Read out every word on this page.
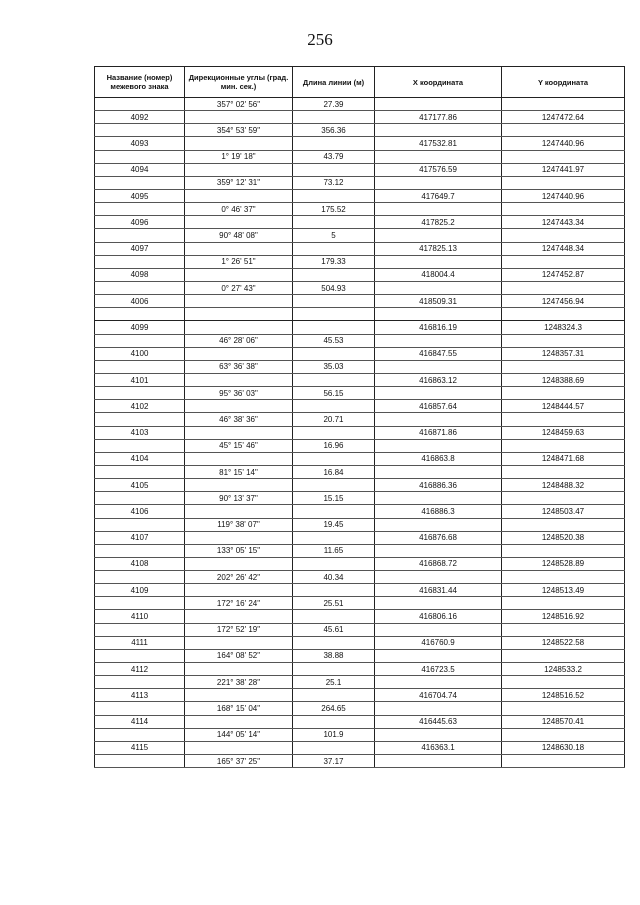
256
Название (номер) межевого знака	Дирекционные углы (град. мин. сек.)	Длина линии (м)	X координата	Y координата
	357° 02' 56"	27.39		
4092			417177.86	1247472.64
	354° 53' 59"	356.36		
4093			417532.81	1247440.96
	1° 19' 18"	43.79		
4094			417576.59	1247441.97
	359° 12' 31"	73.12		
4095			417649.7	1247440.96
	0° 46' 37"	175.52		
4096			417825.2	1247443.34
	90° 48' 08"	5		
4097			417825.13	1247448.34
	1° 26' 51"	179.33		
4098			418004.4	1247452.87
	0° 27' 43"	504.93		
4006			418509.31	1247456.94

4099			416816.19	1248324.3
	46° 28' 06"	45.53		
4100			416847.55	1248357.31
	63° 36' 38"	35.03		
4101			416863.12	1248388.69
	95° 36' 03"	56.15		
4102			416857.64	1248444.57
	46° 38' 36"	20.71		
4103			416871.86	1248459.63
	45° 15' 46"	16.96		
4104			416863.8	1248471.68
	81° 15' 14"	16.84		
4105			416886.36	1248488.32
	90° 13' 37"	15.15		
4106			416886.3	1248503.47
	119° 38' 07"	19.45		
4107			416876.68	1248520.38
	133° 05' 15"	11.65		
4108			416868.72	1248528.89
	202° 26' 42"	40.34		
4109			416831.44	1248513.49
	172° 16' 24"	25.51		
4110			416806.16	1248516.92
	172° 52' 19"	45.61		
4111			416760.9	1248522.58
	164° 08' 52"	38.88		
4112			416723.5	1248533.2
	221° 38' 28"	25.1		
4113			416704.74	1248516.52
	168° 15' 04"	264.65		
4114			416445.63	1248570.41
	144° 05' 14"	101.9		
4115			416363.1	1248630.18
	165° 37' 25"	37.17		
